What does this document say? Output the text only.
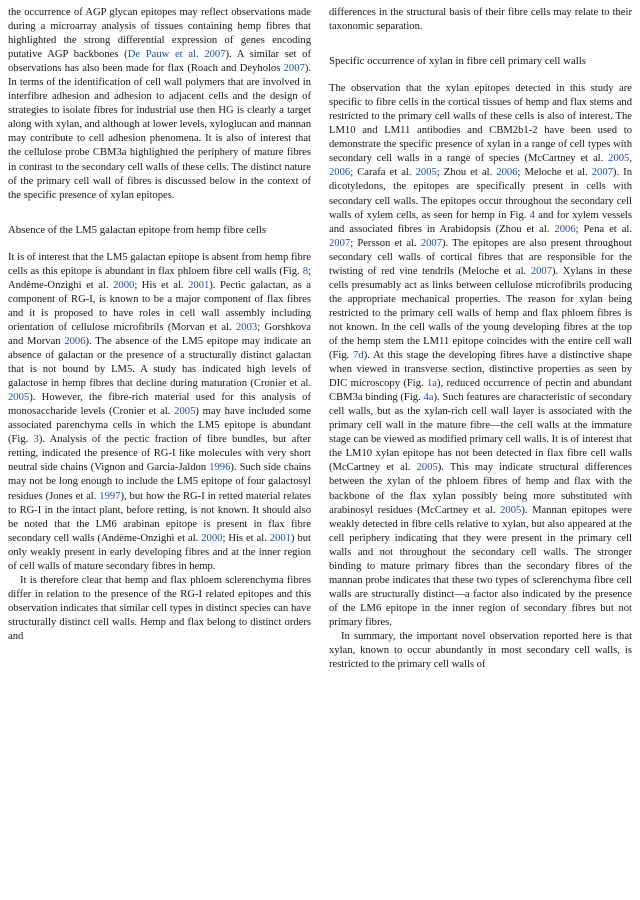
the occurrence of AGP glycan epitopes may reflect observations made during a microarray analysis of tissues containing hemp fibres that highlighted the strong differential expression of genes encoding putative AGP backbones (De Pauw et al. 2007). A similar set of observations has also been made for flax (Roach and Deyholos 2007). In terms of the identification of cell wall polymers that are involved in interfibre adhesion and adhesion to adjacent cells and the design of strategies to isolate fibres for industrial use then HG is clearly a target along with xylan, and although at lower levels, xyloglucan and mannan may contribute to cell adhesion phenomena. It is also of interest that the cellulose probe CBM3a highlighted the periphery of mature fibres in contrast to the secondary cell walls of these cells. The distinct nature of the primary cell wall of fibres is discussed below in the context of the specific presence of xylan epitopes.

Absence of the LM5 galactan epitope from hemp fibre cells

It is of interest that the LM5 galactan epitope is absent from hemp fibre cells as this epitope is abundant in flax phloem fibre cell walls (Fig. 8; Andème-Onzighi et al. 2000; His et al. 2001). Pectic galactan, as a component of RG-I, is known to be a major component of flax fibres and it is proposed to have roles in cell wall assembly including orientation of cellulose microfibrils (Morvan et al. 2003; Gorshkova and Morvan 2006). The absence of the LM5 epitope may indicate an absence of galactan or the presence of a structurally distinct galactan that is not bound by LM5. A study has indicated high levels of galactose in hemp fibres that decline during maturation (Cronier et al. 2005). However, the fibre-rich material used for this analysis of monosaccharide levels (Cronier et al. 2005) may have included some associated parenchyma cells in which the LM5 epitope is abundant (Fig. 3). Analysis of the pectic fraction of fibre bundles, but after retting, indicated the presence of RG-I like molecules with very short neutral side chains (Vignon and Garcia-Jaldon 1996). Such side chains may not be long enough to include the LM5 epitope of four galactosyl residues (Jones et al. 1997), but how the RG-I in retted material relates to RG-I in the intact plant, before retting, is not known. It should also be noted that the LM6 arabinan epitope is present in flax fibre secondary cell walls (Andème-Onzighi et al. 2000; His et al. 2001) but only weakly present in early developing fibres and at the inner region of cell walls of mature secondary fibres in hemp.

It is therefore clear that hemp and flax phloem sclerenchyma fibres differ in relation to the presence of the RG-I related epitopes and this observation indicates that similar cell types in distinct species can have structurally distinct cell walls. Hemp and flax belong to distinct orders and

differences in the structural basis of their fibre cells may relate to their taxonomic separation.

Specific occurrence of xylan in fibre cell primary cell walls

The observation that the xylan epitopes detected in this study are specific to fibre cells in the cortical tissues of hemp and flax stems and restricted to the primary cell walls of these cells is also of interest. The LM10 and LM11 antibodies and CBM2b1-2 have been used to demonstrate the specific presence of xylan in a range of cell types with secondary cell walls in a range of species (McCartney et al. 2005, 2006; Carafa et al. 2005; Zhou et al. 2006; Meloche et al. 2007). In dicotyledons, the epitopes are specifically present in cells with secondary cell walls. The epitopes occur throughout the secondary cell walls of xylem cells, as seen for hemp in Fig. 4 and for xylem vessels and associated fibres in Arabidopsis (Zhou et al. 2006; Pena et al. 2007; Persson et al. 2007). The epitopes are also present throughout secondary cell walls of cortical fibres that are responsible for the twisting of red vine tendrils (Meloche et al. 2007). Xylans in these cells presumably act as links between cellulose microfibrils producing the appropriate mechanical properties. The reason for xylan being restricted to the primary cell walls of hemp and flax phloem fibres is not known. In the cell walls of the young developing fibres at the top of the hemp stem the LM11 epitope coincides with the entire cell wall (Fig. 7d). At this stage the developing fibres have a distinctive shape when viewed in transverse section, distinctive properties as seen by DIC microscopy (Fig. 1a), reduced occurrence of pectin and abundant CBM3a binding (Fig. 4a). Such features are characteristic of secondary cell walls, but as the xylan-rich cell wall layer is associated with the primary cell wall in the mature fibre—the cell walls at the immature stage can be viewed as modified primary cell walls. It is of interest that the LM10 xylan epitope has not been detected in flax fibre cell walls (McCartney et al. 2005). This may indicate structural differences between the xylan of the phloem fibres of hemp and flax with the backbone of the flax xylan possibly being more substituted with arabinosyl residues (McCartney et al. 2005). Mannan epitopes were weakly detected in fibre cells relative to xylan, but also appeared at the cell periphery indicating that they were present in the primary cell walls and not throughout the secondary cell walls. The stronger binding to mature primary fibres than the secondary fibres of the mannan probe indicates that these two types of sclerenchyma fibre cell walls are structurally distinct—a factor also indicated by the presence of the LM6 epitope in the inner region of secondary fibres but not primary fibres.

In summary, the important novel observation reported here is that xylan, known to occur abundantly in most secondary cell walls, is restricted to the primary cell walls of
